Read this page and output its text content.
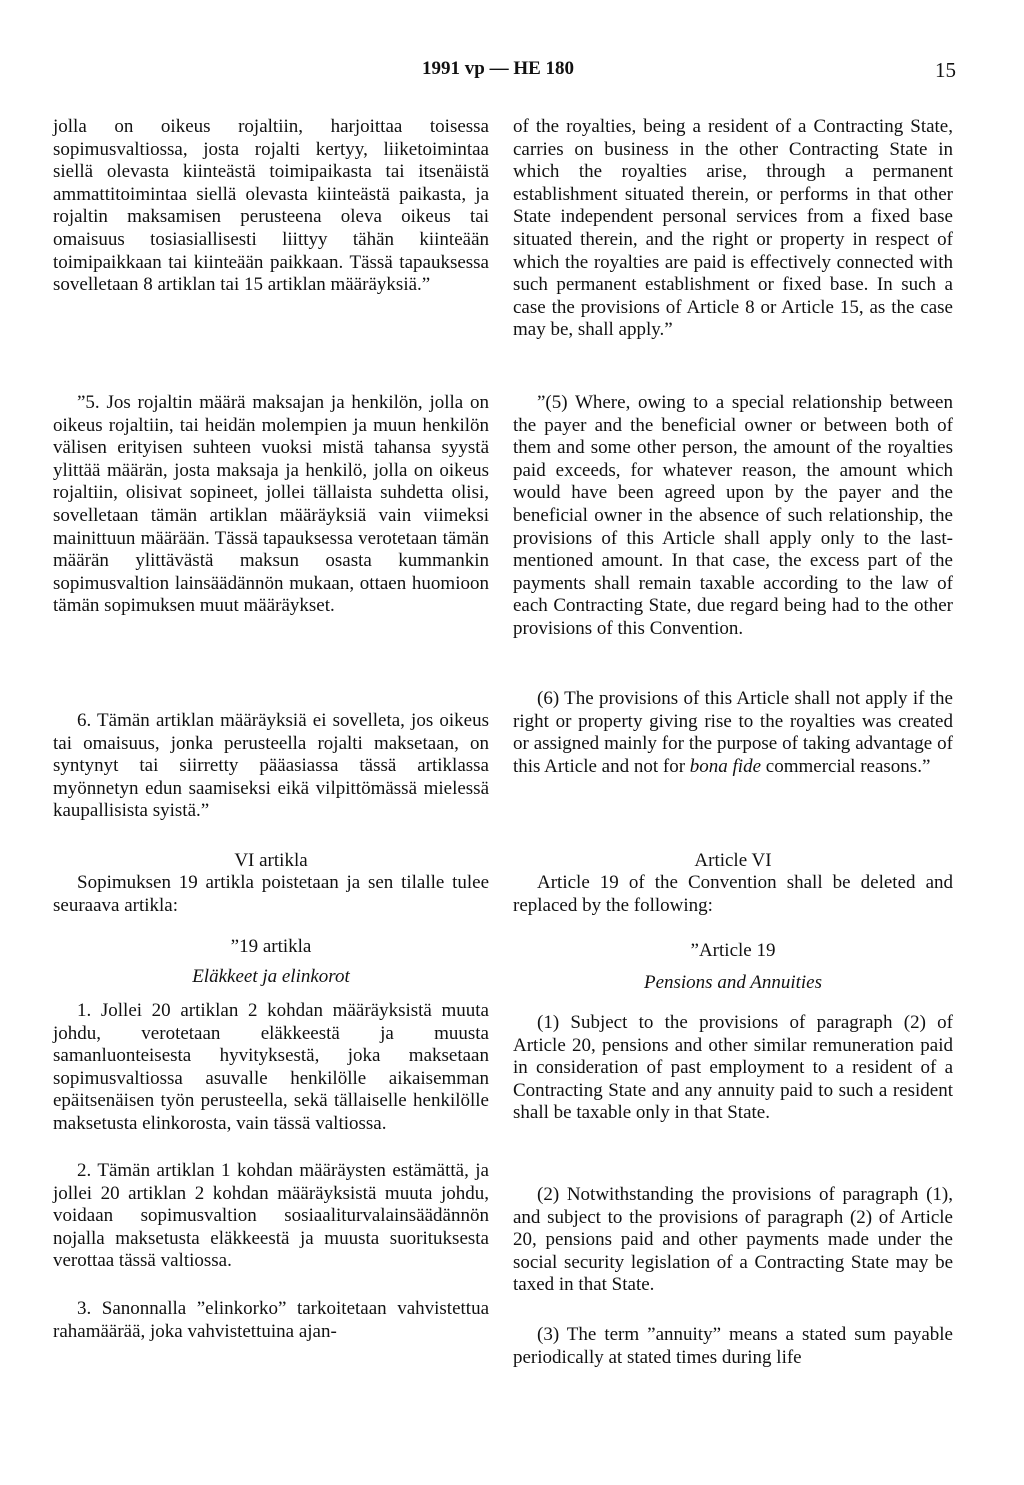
1991 vp — HE 180	15

jolla on oikeus rojaltiin, harjoittaa toisessa sopimusvaltiossa, josta rojalti kertyy, liiketoimintaa siellä olevasta kiinteästä toimipaikasta tai itsenäistä ammattitoimintaa siellä olevasta kiinteästä paikasta, ja rojaltin maksamisen perusteena oleva oikeus tai omaisuus tosiasiallisesti liittyy tähän kiinteään toimipaikkaan tai kiinteään paikkaan. Tässä tapauksessa sovelletaan 8 artiklan tai 15 artiklan määräyksiä.”

”5. Jos rojaltin määrä maksajan ja henkilön, jolla on oikeus rojaltiin, tai heidän molempien ja muun henkilön välisen erityisen suhteen vuoksi mistä tahansa syystä ylittää määrän, josta maksaja ja henkilö, jolla on oikeus rojaltiin, olisivat sopineet, jollei tällaista suhdetta olisi, sovelletaan tämän artiklan määräyksiä vain viimeksi mainittuun määrään. Tässä tapauksessa verotetaan tämän määrän ylittävästä maksun osasta kummankin sopimusvaltion lainsäädännön mukaan, ottaen huomioon tämän sopimuksen muut määräykset.

6. Tämän artiklan määräyksiä ei sovelleta, jos oikeus tai omaisuus, jonka perusteella rojalti maksetaan, on syntynyt tai siirretty pääasiassa tässä artiklassa myönnetyn edun saamiseksi eikä vilpittömässä mielessä kaupallisista syistä.”

VI artikla

Sopimuksen 19 artikla poistetaan ja sen tilalle tulee seuraava artikla:

”19 artikla

Eläkkeet ja elinkorot

1. Jollei 20 artiklan 2 kohdan määräyksistä muuta johdu, verotetaan eläkkeestä ja muusta samanluonteisesta hyvityksestä, joka maksetaan sopimusvaltiossa asuvalle henkilölle aikaisemman epäitsenäisen työn perusteella, sekä tällaiselle henkilölle maksetusta elinkorosta, vain tässä valtiossa.

2. Tämän artiklan 1 kohdan määräysten estämättä, ja jollei 20 artiklan 2 kohdan määräyksistä muuta johdu, voidaan sopimusvaltion sosiaaliturvalainsäädännön nojalla maksetusta eläkkeestä ja muusta suorituksesta verottaa tässä valtiossa.

3. Sanonnalla ”elinkorko” tarkoitetaan vahvistettua rahamäärää, joka vahvistettuina ajan-

of the royalties, being a resident of a Contracting State, carries on business in the other Contracting State in which the royalties arise, through a permanent establishment situated therein, or performs in that other State independent personal services from a fixed base situated therein, and the right or property in respect of which the royalties are paid is effectively connected with such permanent establishment or fixed base. In such a case the provisions of Article 8 or Article 15, as the case may be, shall apply.”

”(5) Where, owing to a special relationship between the payer and the beneficial owner or between both of them and some other person, the amount of the royalties paid exceeds, for whatever reason, the amount which would have been agreed upon by the payer and the beneficial owner in the absence of such relationship, the provisions of this Article shall apply only to the last-mentioned amount. In that case, the excess part of the payments shall remain taxable according to the law of each Contracting State, due regard being had to the other provisions of this Convention.

(6) The provisions of this Article shall not apply if the right or property giving rise to the royalties was created or assigned mainly for the purpose of taking advantage of this Article and not for bona fide commercial reasons.”

Article VI

Article 19 of the Convention shall be deleted and replaced by the following:

”Article 19

Pensions and Annuities

(1) Subject to the provisions of paragraph (2) of Article 20, pensions and other similar remuneration paid in consideration of past employment to a resident of a Contracting State and any annuity paid to such a resident shall be taxable only in that State.

(2) Notwithstanding the provisions of paragraph (1), and subject to the provisions of paragraph (2) of Article 20, pensions paid and other payments made under the social security legislation of a Contracting State may be taxed in that State.

(3) The term ”annuity” means a stated sum payable periodically at stated times during life
